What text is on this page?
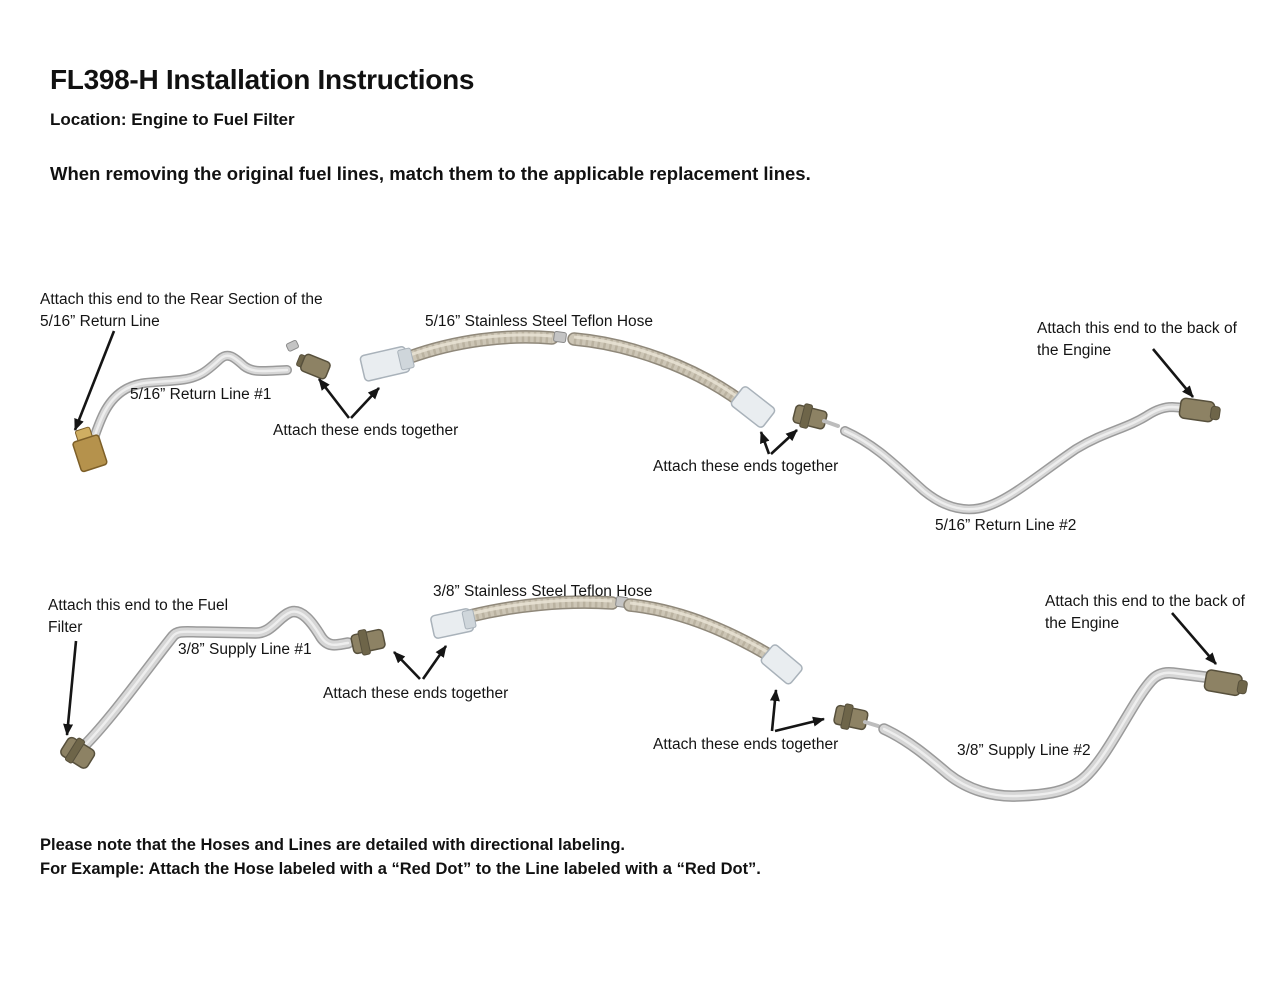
FL398-H Installation Instructions
Location: Engine to Fuel Filter
When removing the original fuel lines, match them to the applicable replacement lines.
Attach this end to the Rear Section of the 5/16” Return Line
5/16” Return Line #1
5/16” Stainless Steel Teflon Hose
Attach these ends together
Attach these ends together
5/16” Return Line #2
Attach this end to the back of the Engine
Attach this end to the Fuel Filter
3/8” Supply Line #1
3/8” Stainless Steel Teflon Hose
Attach these ends together
Attach these ends together	3/8” Supply Line #2
Attach this end to the back of the Engine
Please note that the Hoses and Lines are detailed with directional labeling.
For Example: Attach the Hose labeled with a “Red Dot” to the Line labeled with a “Red Dot”.
